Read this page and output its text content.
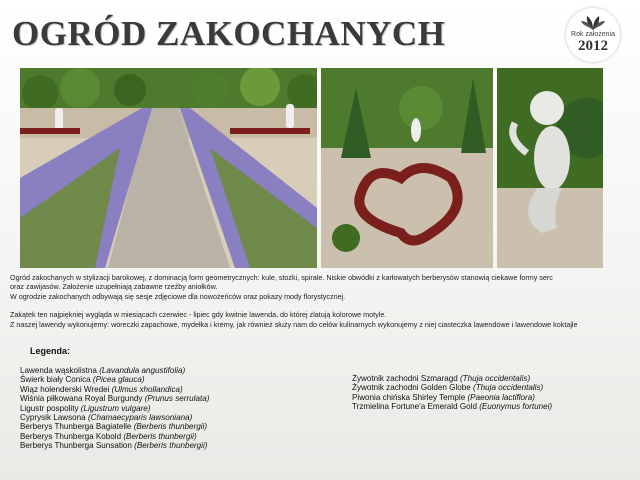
OGRÓD ZAKOCHANYCH	Rok założenia
2012

Ogród zakochanych w stylizacji barokowej, z dominacją form geometrycznych: kule, stożki, spirale. Niskie obwódki z karłowatych berberysów stanowią ciekawe formy serc

oraz zawijasów. Założenie uzupełniają zabawne rzeźby aniołków.

W ogrodzie zakochanych odbywają się sesje zdjęciowe dla nowożeńców oraz pokazy mody florystycznej.

Zakątek ten najpiękniej wygląda w miesiącach czerwiec - lipiec gdy kwitnie lawenda, do której zlatują kolorowe motyle.

Z naszej lawendy wykonujemy: woreczki zapachowe, mydełka i kremy, jak również służy nam do celów kulinarnych wykonujemy z niej ciasteczka lawendowe i lawendowe koktajle

Legenda:
Lawenda wąskolistna (Lavandula angustifolia)
Świerk biały Conica (Picea glauca)
Wiąz holenderski Wredei (Ulmus xhollandica)
Wiśnia piłkowana Royal Burgundy (Prunus serrulata)
Ligustr pospolity (Ligustrum vulgare)
Cyprysik Lawsona (Chamaecyparis lawsoniana)
Berberys Thunberga Bagiatelle (Berberis thunbergii)
Berberys Thunberga Kobold (Berberis thunbergii)
Berberys Thunberga Sunsation (Berberis thunbergii)
Żywotnik zachodni Szmaragd (Thuja occidentalis)
Żywotnik zachodni Golden Globe (Thuja occidentalis)
Piwonia chińska Shirley Temple (Paeonia lactiflora)
Trzmielina Fortune'a Emerald Gold (Euonymus fortunei)
